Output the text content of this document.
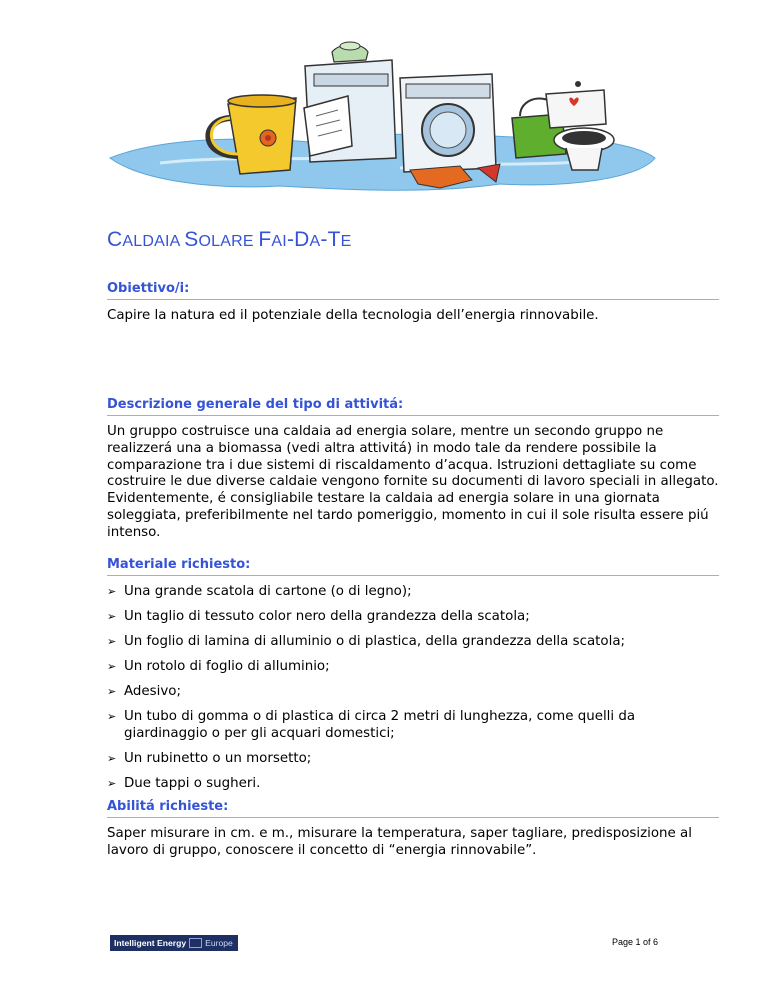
CALDAIA SOLARE FAI-DA-TE
Obiettivo/i:

Capire la natura ed il potenziale della tecnologia dell’energia rinnovabile.

Descrizione generale del tipo di attivitá:

Un gruppo costruisce una caldaia ad energia solare, mentre un secondo gruppo ne realizzerá una a biomassa (vedi altra attivitá) in modo tale da rendere possibile la comparazione tra i due sistemi di riscaldamento d’acqua. Istruzioni dettagliate su come costruire le due diverse caldaie vengono fornite su documenti di lavoro speciali in allegato. Evidentemente, é consigliabile testare la caldaia ad energia solare in una giornata soleggiata, preferibilmente nel tardo pomeriggio, momento in cui il sole risulta essere piú intenso.

Materiale richiesto:
➢ Una grande scatola di cartone (o di legno);
➢ Un taglio di tessuto color nero della grandezza della scatola;
➢ Un foglio di lamina di alluminio o di plastica, della grandezza della scatola;
➢ Un rotolo di foglio di alluminio;
➢ Adesivo;
➢ Un tubo di gomma o di plastica di circa 2 metri di lunghezza, come quelli da giardinaggio o per gli acquari domestici;
➢ Un rubinetto o un morsetto;
➢ Due tappi o sugheri.
Abilitá richieste:

Saper misurare in cm. e m., misurare la temperatura, saper tagliare, predisposizione al lavoro di gruppo, conoscere il concetto di “energia rinnovabile”.

Intelligent Energy	Europe	Page 1 of 6
